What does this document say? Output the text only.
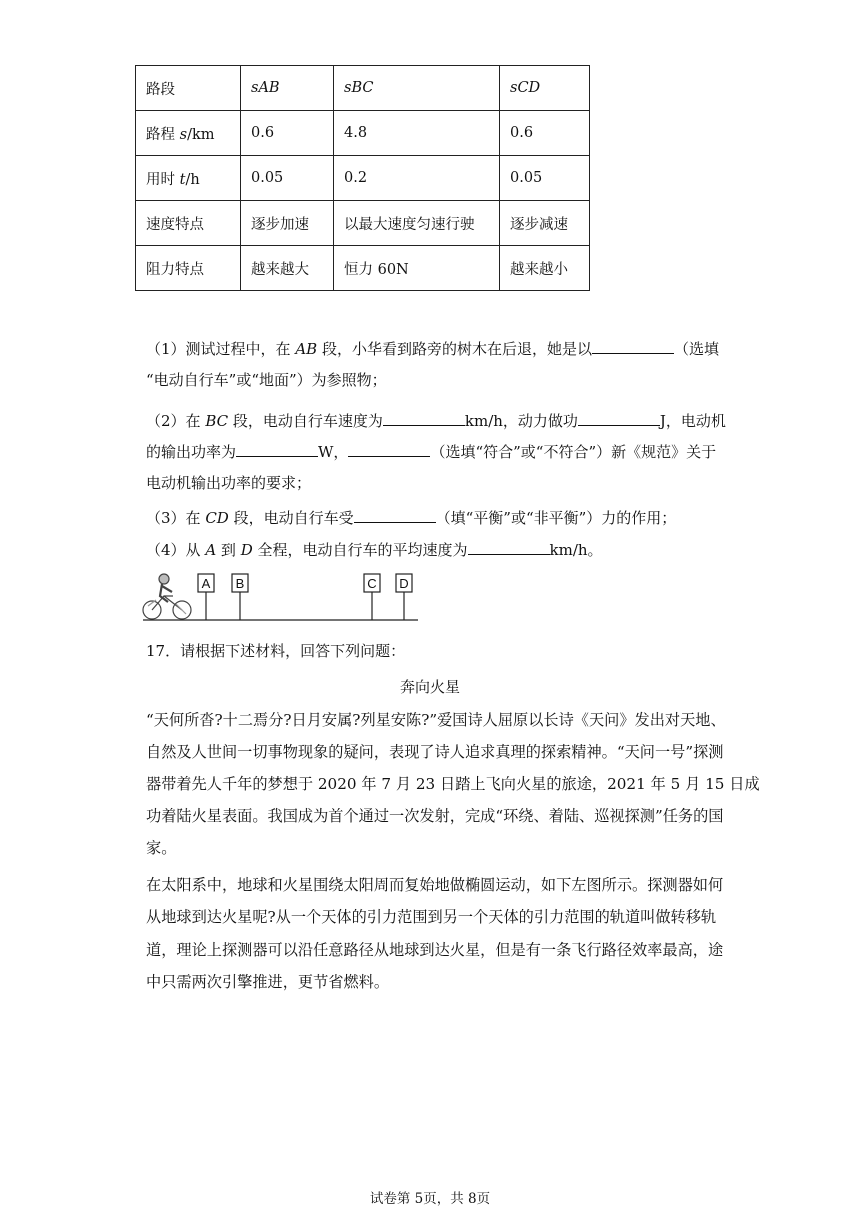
路段	sAB	sBC	sCD
路程 s/km	0.6	4.8	0.6
用时 t/h	0.05	0.2	0.05
速度特点	逐步加速	以最大速度匀速行驶	逐步减速
阻力特点	越来越大	恒力 60N	越来越小
（1）测试过程中，在 AB 段，小华看到路旁的树木在后退，她是以	（选填
“电动自行车”或“地面”）为参照物；
（2）在 BC 段，电动自行车速度为	km/h，动力做功	J，电动机
的输出功率为	W，	（选填“符合”或“不符合”）新《规范》关于
电动机输出功率的要求；
（3）在 CD 段，电动自行车受	（填“平衡”或“非平衡”）力的作用；
（4）从 A 到 D 全程，电动自行车的平均速度为	km/h。
A B	C D
17．请根据下述材料，回答下列问题：
奔向火星
“天何所沓?十二焉分?日月安属?列星安陈?”爱国诗人屈原以长诗《天问》发出对天地、
自然及人世间一切事物现象的疑问，表现了诗人追求真理的探索精神。“天问一号”探测
器带着先人千年的梦想于 2020 年 7 月 23 日踏上飞向火星的旅途，2021 年 5 月 15 日成
功着陆火星表面。我国成为首个通过一次发射，完成“环绕、着陆、巡视探测”任务的国
家。
在太阳系中，地球和火星围绕太阳周而复始地做椭圆运动，如下左图所示。探测器如何
从地球到达火星呢?从一个天体的引力范围到另一个天体的引力范围的轨道叫做转移轨
道，理论上探测器可以沿任意路径从地球到达火星，但是有一条飞行路径效率最高，途
中只需两次引擎推进，更节省燃料。
试卷第 5页，共 8页
